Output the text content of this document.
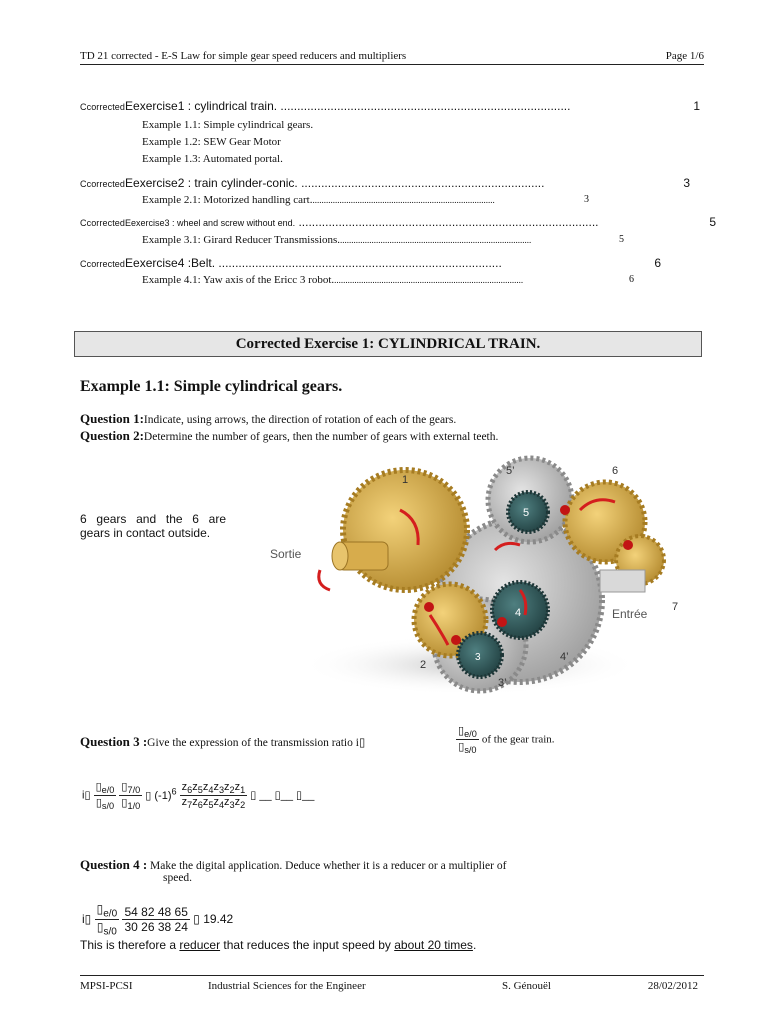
TD 21 corrected - E-S Law for simple gear speed reducers and multipliers	Page 1/6
CcorrectedEexercise1 : cylindrical train. .......................................................................................	1
Example 1.1: Simple cylindrical gears.
Example 1.2: SEW Gear Motor
Example 1.3: Automated portal.
CcorrectedEexercise2 : train cylinder-conic. .........................................................................	3
Example 2.1: Motorized handling cart..................................................................................	3
CcorrectedEexercise3 : wheel and screw without end. ..........................................................................................	5
Example 3.1: Girard Reducer Transmissions......................................................................................	5
CcorrectedEexercise4 :Belt. .....................................................................................	6
Example 4.1: Yaw axis of the Ericc 3 robot.....................................................................................	6
Corrected Exercise 1: CYLINDRICAL TRAIN.
Example 1.1: Simple cylindrical gears.
Question 1:Indicate, using arrows, the direction of rotation of each of the gears.
Question 2:Determine the number of gears, then the number of gears with external teeth.
6 gears and the 6 are gears in contact outside.
1
2
3
3’
4
4’
5
5’	6
7
Sortie
Entrée
Question 3 :Give the expression of the transmission ratio i▯	$\frac{▯_{e/0}}{▯_{s/0}}$ of the gear train.
i▯ $\frac{▯_{e/0}}{▯_{s/0}}$
$\frac{▯_{7/0}}{▯_{1/0}}$ ▯ $(-1)^6 \frac{z_6z_5z_4z_3z_2z_1}{z_7z_6z_5z_4z_3z_2}$ ▯ __ ▯__ ▯__
Question 4 : Make the digital application. Deduce whether it is a reducer or a multiplier of
speed.
i▯ $\frac{▯_{e/0}}{▯_{s/0}}$
$\frac{54 82 48 65}{30 26 38 24}$ ▯ 19.42
This is therefore a reducer that reduces the input speed by about 20 times.
MPSI-PCSI	Industrial Sciences for the Engineer	S. Génouël	28/02/2012
